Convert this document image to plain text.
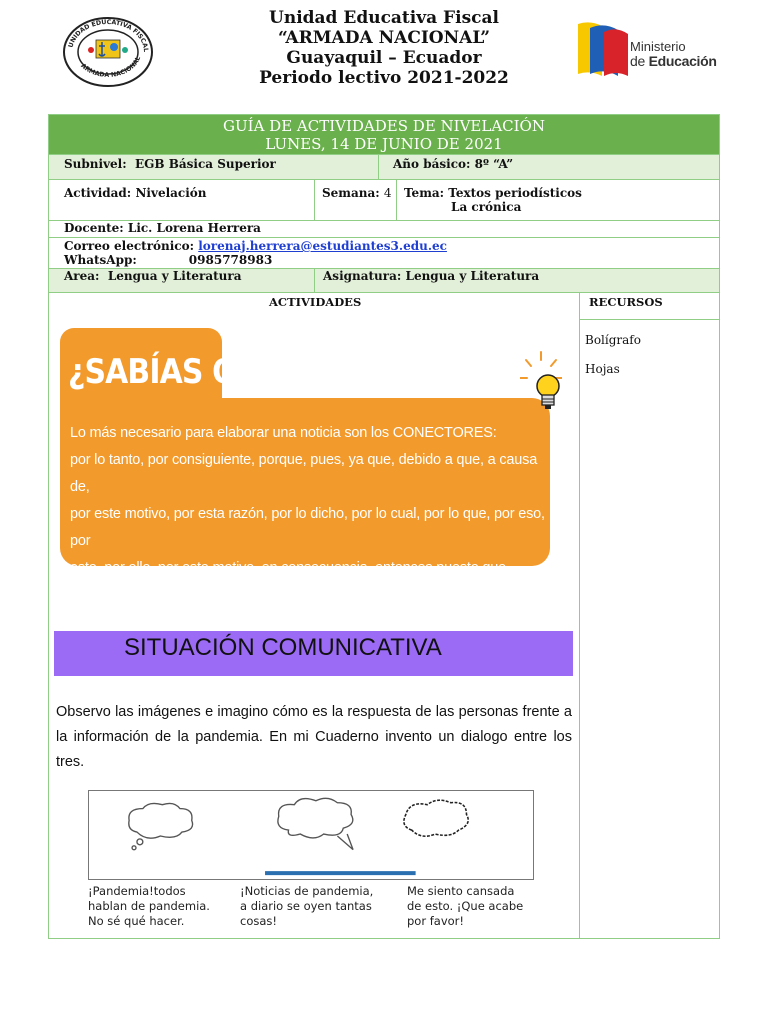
UNIDAD EDUCATIVA FISCAL
ARMADA NACIONAL
Unidad Educativa Fiscal
“ARMADA NACIONAL”
Guayaquil – Ecuador
Periodo lectivo 2021-2022
Ministerio
de Educación
GUÍA DE ACTIVIDADES DE NIVELACIÓN
LUNES, 14 DE JUNIO DE 2021
Subnivel: EGB Básica Superior	Año básico: 8º “A”
Actividad: Nivelación	Semana: 4 Tema: Textos periodísticos
La crónica
Docente: Lic. Lorena Herrera
Correo electrónico: lorenaj.herrera@estudiantes3.edu.ec
WhatsApp:	0985778983
Area: Lengua y Literatura	Asignatura: Lengua y Literatura
ACTIVIDADES	RECURSOS
Bolígrafo
Hojas
¿SABÍAS QUE?
Lo más necesario para elaborar una noticia son los CONECTORES:
por lo tanto, por consiguiente, porque, pues, ya que, debido a que, a causa de,
por este motivo, por esta razón, por lo dicho, por lo cual, por lo que, por eso, por
esto, por ello, por este motivo, en consecuencia, entonces puesto que hablan
de causas y consecuencias, antecedentes y consecuentes.
SITUACIÓN COMUNICATIVA
Observo las imágenes e imagino cómo es la respuesta de las personas frente a la información de la pandemia. En mi Cuaderno invento un dialogo entre los tres.
¡Pandemia!todos
hablan de pandemia.
No sé qué hacer.
¡Noticias de pandemia,
a diario se oyen tantas
cosas!
Me siento cansada
de esto. ¡Que acabe
por favor!
